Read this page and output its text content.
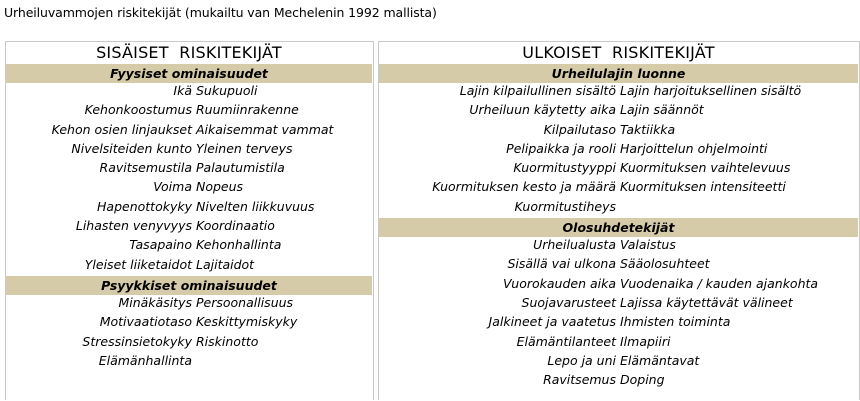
Urheiluvammojen riskitekijät (mukailtu van Mechelenin 1992 mallista)
SISÄISET  RISKITEKIJÄT
Fyysiset ominaisuudet
Ikä Sukupuoli
Kehonkoostumus Ruumiinrakenne
Kehon osien linjaukset Aikaisemmat vammat
Nivelsiteiden kunto Yleinen terveys
Ravitsemustila Palautumistila
Voima Nopeus
Hapenottokyky Nivelten liikkuvuus
Lihasten venyvyys Koordinaatio
Tasapaino Kehonhallinta
Yleiset liiketaidot Lajitaidot
Psyykkiset ominaisuudet
Minäkäsitys Persoonallisuus
Motivaatiotaso Keskittymiskyky
Stressinsietokyky Riskinotto
Elämänhallinta
ULKOISET  RISKITEKIJÄT
Urheilulajin luonne
Lajin kilpailullinen sisältö Lajin harjoituksellinen sisältö
Urheiluun käytetty aika Lajin säännöt
Kilpailutaso Taktiikka
Pelipaikka ja rooli Harjoittelun ohjelmointi
Kuormitustyyppi Kuormituksen vaihtelevuus
Kuormituksen kesto ja määrä Kuormituksen intensiteetti
Kuormitustiheys
Olosuhdetekijät
Urheilualusta Valaistus
Sisällä vai ulkona Sääolosuhteet
Vuorokauden aika Vuodenaika / kauden ajankohta
Suojavarusteet Lajissa käytettävät välineet
Jalkineet ja vaatetus Ihmisten toiminta
Elämäntilanteet Ilmapiiri
Lepo ja uni Elämäntavat
Ravitsemus Doping
